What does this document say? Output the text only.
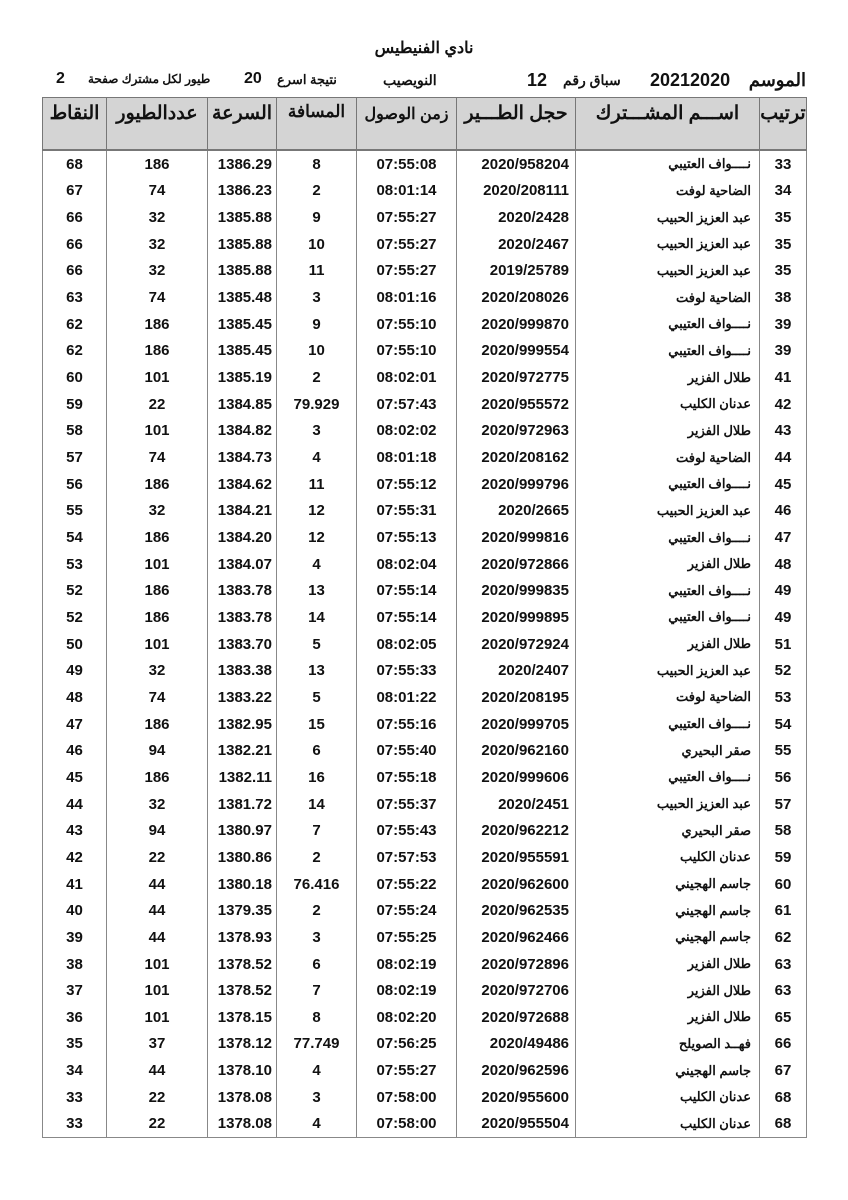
نادي الفنيطيس
الموسم
20212020
سباق رقم
12
النويصيب
نتيجة اسرع
20
طيور لكل مشترك صفحة
2
ترتيب	اســـم المشـــترك	حجل الطـــير	زمن الوصول	المسافة	السرعة	عددالطيور	النقاط
33	نــــواف العتيبي	2020/958204	07:55:08	8	1386.29	186	68
34	الضاحية لوفت	2020/208111	08:01:14	2	1386.23	74	67
35	عبد العزيز الحبيب	2020/2428	07:55:27	9	1385.88	32	66
35	عبد العزيز الحبيب	2020/2467	07:55:27	10	1385.88	32	66
35	عبد العزيز الحبيب	2019/25789	07:55:27	11	1385.88	32	66
38	الضاحية لوفت	2020/208026	08:01:16	3	1385.48	74	63
39	نــــواف العتيبي	2020/999870	07:55:10	9	1385.45	186	62
39	نــــواف العتيبي	2020/999554	07:55:10	10	1385.45	186	62
41	طلال الفزير	2020/972775	08:02:01	2	1385.19	101	60
42	عدنان الكليب	2020/955572	07:57:43	79.929	1384.85	22	59
43	طلال الفزير	2020/972963	08:02:02	3	1384.82	101	58
44	الضاحية لوفت	2020/208162	08:01:18	4	1384.73	74	57
45	نــــواف العتيبي	2020/999796	07:55:12	11	1384.62	186	56
46	عبد العزيز الحبيب	2020/2665	07:55:31	12	1384.21	32	55
47	نــــواف العتيبي	2020/999816	07:55:13	12	1384.20	186	54
48	طلال الفزير	2020/972866	08:02:04	4	1384.07	101	53
49	نــــواف العتيبي	2020/999835	07:55:14	13	1383.78	186	52
49	نــــواف العتيبي	2020/999895	07:55:14	14	1383.78	186	52
51	طلال الفزير	2020/972924	08:02:05	5	1383.70	101	50
52	عبد العزيز الحبيب	2020/2407	07:55:33	13	1383.38	32	49
53	الضاحية لوفت	2020/208195	08:01:22	5	1383.22	74	48
54	نــــواف العتيبي	2020/999705	07:55:16	15	1382.95	186	47
55	صقر البحيري	2020/962160	07:55:40	6	1382.21	94	46
56	نــــواف العتيبي	2020/999606	07:55:18	16	1382.11	186	45
57	عبد العزيز الحبيب	2020/2451	07:55:37	14	1381.72	32	44
58	صقر البحيري	2020/962212	07:55:43	7	1380.97	94	43
59	عدنان الكليب	2020/955591	07:57:53	2	1380.86	22	42
60	جاسم الهجيني	2020/962600	07:55:22	76.416	1380.18	44	41
61	جاسم الهجيني	2020/962535	07:55:24	2	1379.35	44	40
62	جاسم الهجيني	2020/962466	07:55:25	3	1378.93	44	39
63	طلال الفزير	2020/972896	08:02:19	6	1378.52	101	38
63	طلال الفزير	2020/972706	08:02:19	7	1378.52	101	37
65	طلال الفزير	2020/972688	08:02:20	8	1378.15	101	36
66	فهــد الصويلح	2020/49486	07:56:25	77.749	1378.12	37	35
67	جاسم الهجيني	2020/962596	07:55:27	4	1378.10	44	34
68	عدنان الكليب	2020/955600	07:58:00	3	1378.08	22	33
68	عدنان الكليب	2020/955504	07:58:00	4	1378.08	22	33
